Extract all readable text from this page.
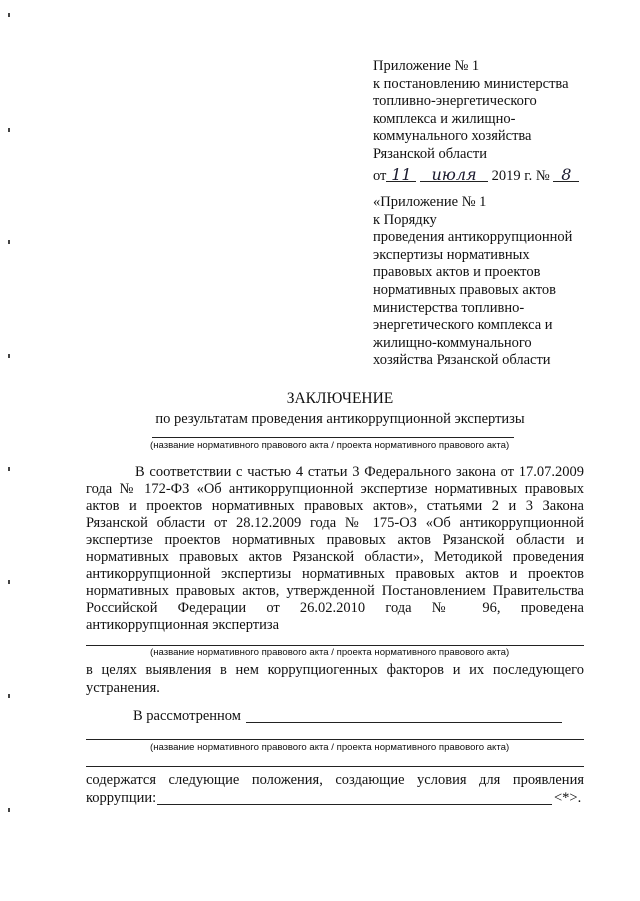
Приложение № 1
к постановлению министерства
топливно-энергетического
комплекса и жилищно-
коммунального хозяйства
Рязанской области
от 11 июля 2019 г. № 8
«Приложение № 1
к Порядку
проведения антикоррупционной
экспертизы нормативных
правовых актов и проектов
нормативных правовых актов
министерства топливно-
энергетического комплекса и
жилищно-коммунального
хозяйства Рязанской области
ЗАКЛЮЧЕНИЕ
по результатам проведения антикоррупционной экспертизы
(название нормативного правового акта / проекта нормативного правового акта)
В соответствии с частью 4 статьи 3 Федерального закона от 17.07.2009
года № 172-ФЗ «Об антикоррупционной экспертизе нормативных правовых
актов и проектов нормативных правовых актов», статьями 2 и 3 Закона
Рязанской области от 28.12.2009 года № 175-ОЗ «Об антикоррупционной
экспертизе проектов нормативных правовых актов Рязанской области и
нормативных правовых актов Рязанской области», Методикой проведения
антикоррупционной экспертизы нормативных правовых актов и проектов
нормативных правовых актов, утвержденной Постановлением Правительства
Российской Федерации от 26.02.2010 года № 96, проведена
антикоррупционная экспертиза
(название нормативного правового акта / проекта нормативного правового акта)
в целях выявления в нем коррупциогенных факторов и их последующего
устранения.
В рассмотренном
(название нормативного правового акта / проекта нормативного правового акта)
содержатся следующие положения, создающие условия для проявления
коррупции:	<*>.
